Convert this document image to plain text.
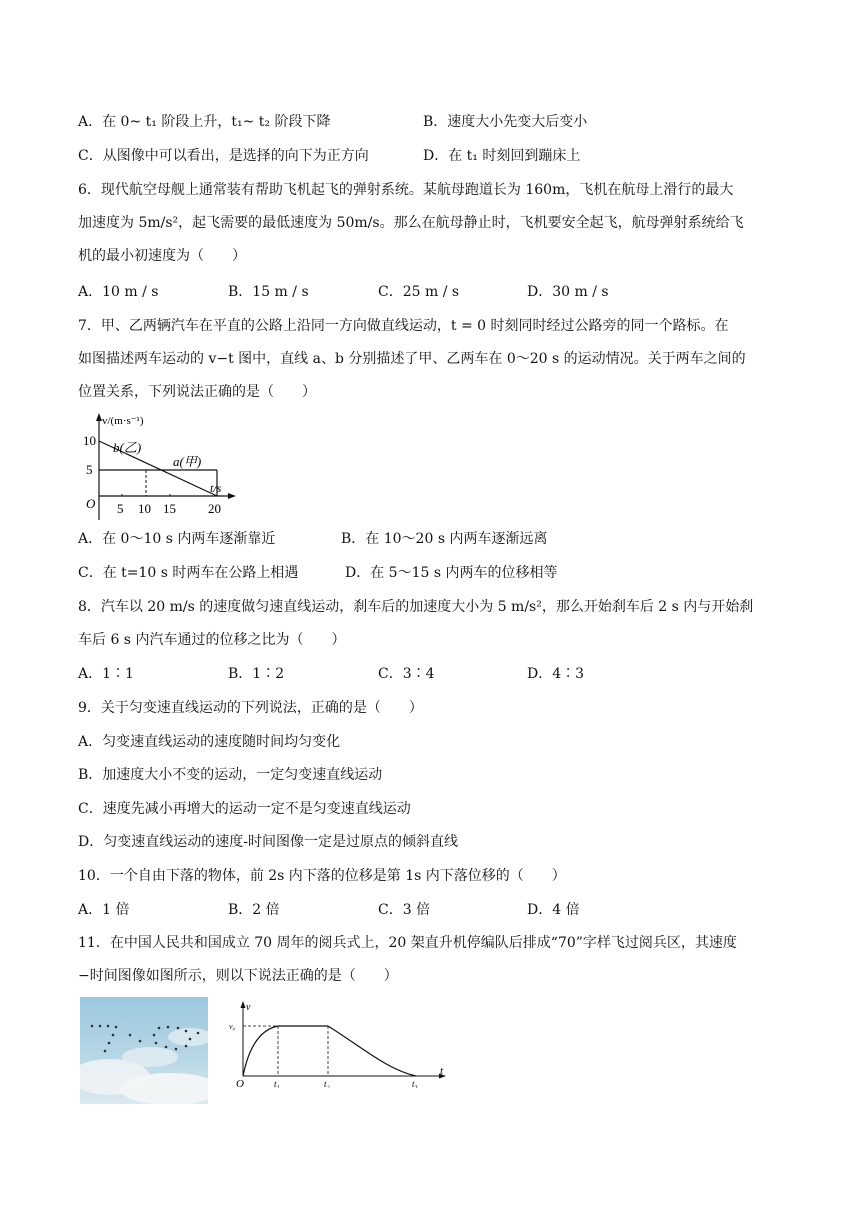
A．在 0~ t₁ 阶段上升，t₁~ t₂ 阶段下降	B．速度大小先变大后变小
C．从图像中可以看出，是选择的向下为正方向	D．在 t₁ 时刻回到蹦床上
6．现代航空母舰上通常装有帮助飞机起飞的弹射系统。某航母跑道长为 160m，飞机在航母上滑行的最大
加速度为 5m/s²，起飞需要的最低速度为 50m/s。那么在航母静止时，飞机要安全起飞，航母弹射系统给飞
机的最小初速度为（　　）
A．10 m / s	B．15 m / s	C．25 m / s	D．30 m / s
7．甲、乙两辆汽车在平直的公路上沿同一方向做直线运动，t = 0 时刻同时经过公路旁的同一个路标。在
如图描述两车运动的 v−t 图中，直线 a、b 分别描述了甲、乙两车在 0～20 s 的运动情况。关于两车之间的
位置关系，下列说法正确的是（　　）
v/(m·s⁻¹)
t/s
O
10
5
5 10 15 20
b(乙)
a(甲)
A．在 0～10 s 内两车逐渐靠近	B．在 10～20 s 内两车逐渐远离
C．在 t=10 s 时两车在公路上相遇	D．在 5～15 s 内两车的位移相等
8．汽车以 20 m/s 的速度做匀速直线运动，刹车后的加速度大小为 5 m/s²，那么开始刹车后 2 s 内与开始刹
车后 6 s 内汽车通过的位移之比为（　　）
A．1∶1	B．1∶2	C．3∶4	D．4∶3
9．关于匀变速直线运动的下列说法，正确的是（　　）
A．匀变速直线运动的速度随时间均匀变化
B．加速度大小不变的运动，一定匀变速直线运动
C．速度先减小再增大的运动一定不是匀变速直线运动
D．匀变速直线运动的速度-时间图像一定是过原点的倾斜直线
10．一个自由下落的物体，前 2s 内下落的位移是第 1s 内下落位移的（　　）
A．1 倍	B．2 倍	C．3 倍	D．4 倍
11．在中国人民共和国成立 70 周年的阅兵式上，20 架直升机停编队后排成“70”字样飞过阅兵区，其速度
−时间图像如图所示，则以下说法正确的是（　　）
v
t
O
v₀
t₁	t₂	t₃
